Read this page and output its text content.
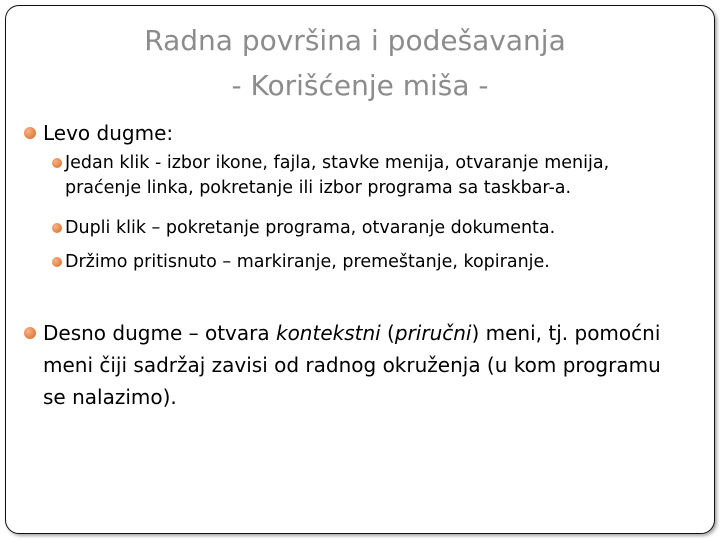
Radna površina i podešavanja
- Korišćenje miša -
Levo dugme:
Jedan klik - izbor ikone, fajla, stavke menija, otvaranje menija,
praćenje linka, pokretanje ili izbor programa sa taskbar-a.
Dupli klik – pokretanje programa, otvaranje dokumenta.
Držimo pritisnuto – markiranje, premeštanje, kopiranje.
Desno dugme – otvara kontekstni (priručni) meni, tj. pomoćni
meni čiji sadržaj zavisi od radnog okruženja (u kom programu
se nalazimo).
